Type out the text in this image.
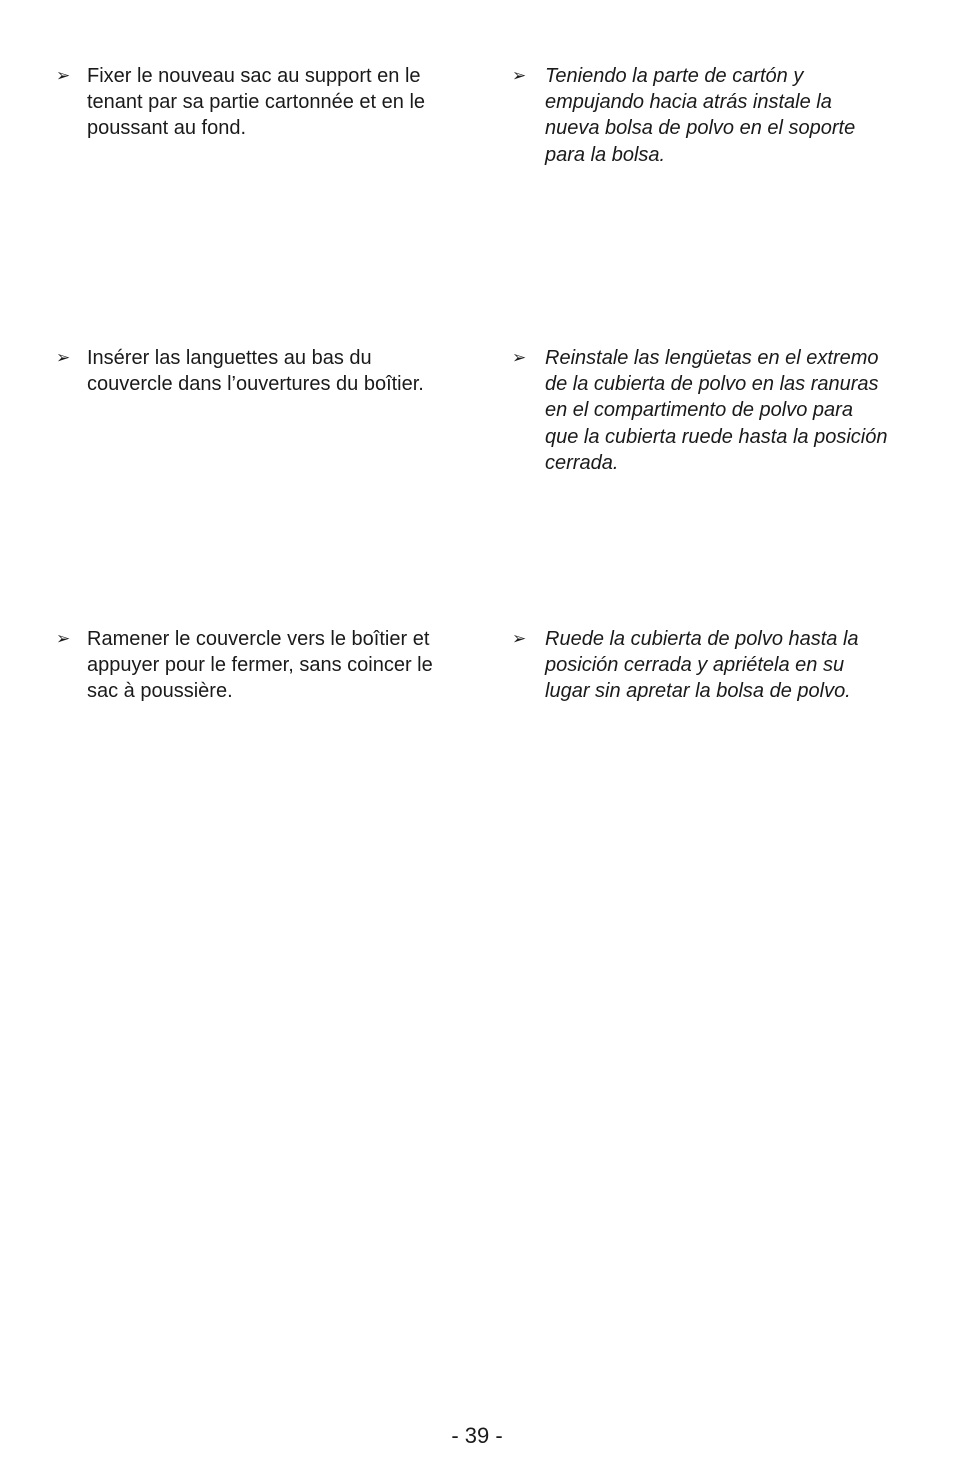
➢ Fixer le nouveau sac au support en le
tenant par sa partie cartonnée et en le
poussant au fond.
➢ Teniendo la parte de cartón y
empujando hacia atrás instale la
nueva bolsa de polvo en el soporte
para la bolsa.
➢ Insérer las languettes au bas du
couvercle dans l’ouvertures du boîtier.
➢ Reinstale las lengüetas en el extremo
de la cubierta de polvo en las ranuras
en el compartimento de polvo para
que la cubierta ruede hasta la posición
cerrada.
➢ Ramener le couvercle vers le boîtier et
appuyer pour le fermer, sans coincer le
sac à poussière.
➢ Ruede la cubierta de polvo hasta la
posición cerrada y apriétela en su
lugar sin apretar la bolsa de polvo.
- 39 -
